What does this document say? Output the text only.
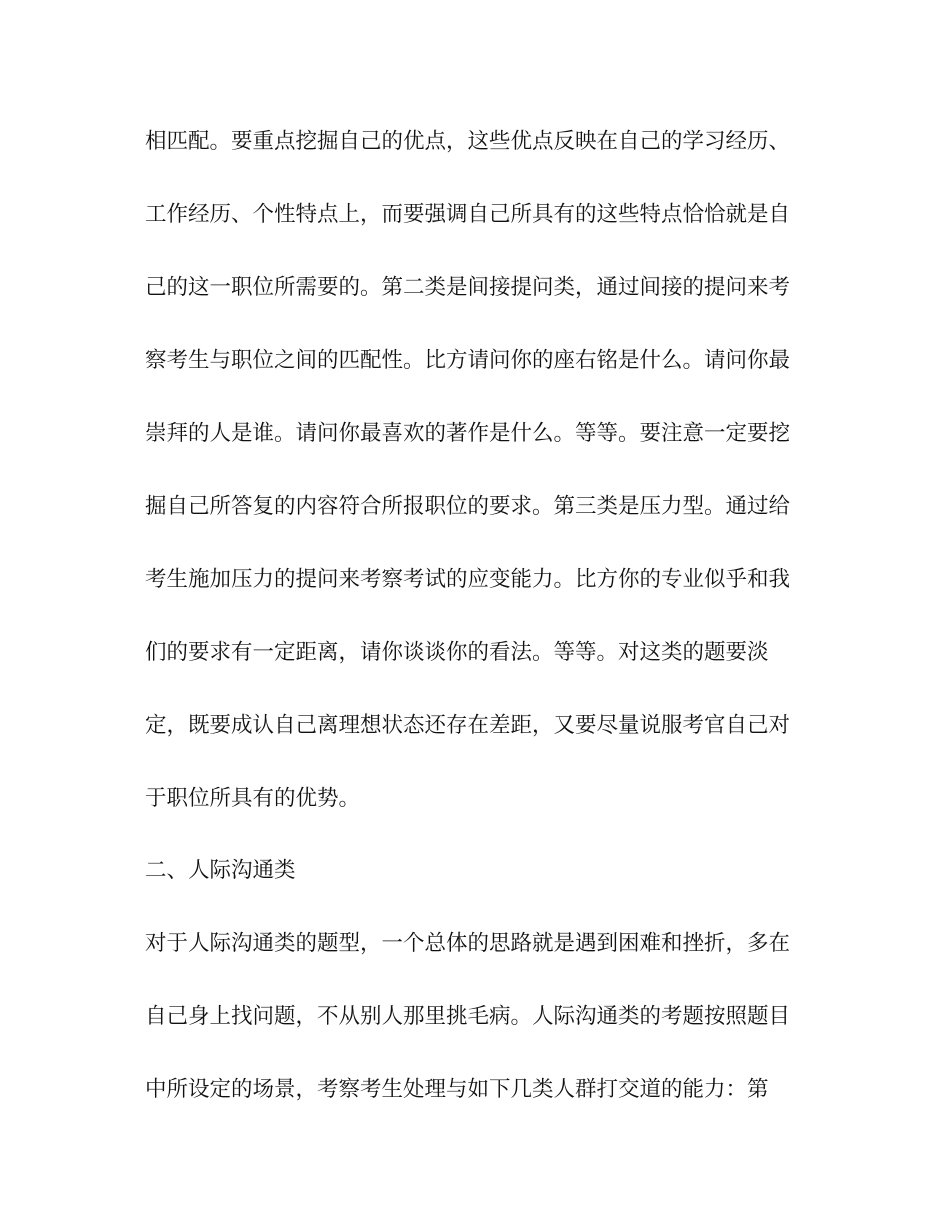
相匹配。要重点挖掘自己的优点，这些优点反映在自己的学习经历、
工作经历、个性特点上，而要强调自己所具有的这些特点恰恰就是自
己的这一职位所需要的。第二类是间接提问类，通过间接的提问来考
察考生与职位之间的匹配性。比方请问你的座右铭是什么。请问你最
崇拜的人是谁。请问你最喜欢的著作是什么。等等。要注意一定要挖
掘自己所答复的内容符合所报职位的要求。第三类是压力型。通过给
考生施加压力的提问来考察考试的应变能力。比方你的专业似乎和我
们的要求有一定距离，请你谈谈你的看法。等等。对这类的题要淡
定，既要成认自己离理想状态还存在差距，又要尽量说服考官自己对
于职位所具有的优势。
二、人际沟通类
对于人际沟通类的题型，一个总体的思路就是遇到困难和挫折，多在
自己身上找问题，不从别人那里挑毛病。人际沟通类的考题按照题目
中所设定的场景，考察考生处理与如下几类人群打交道的能力：第
